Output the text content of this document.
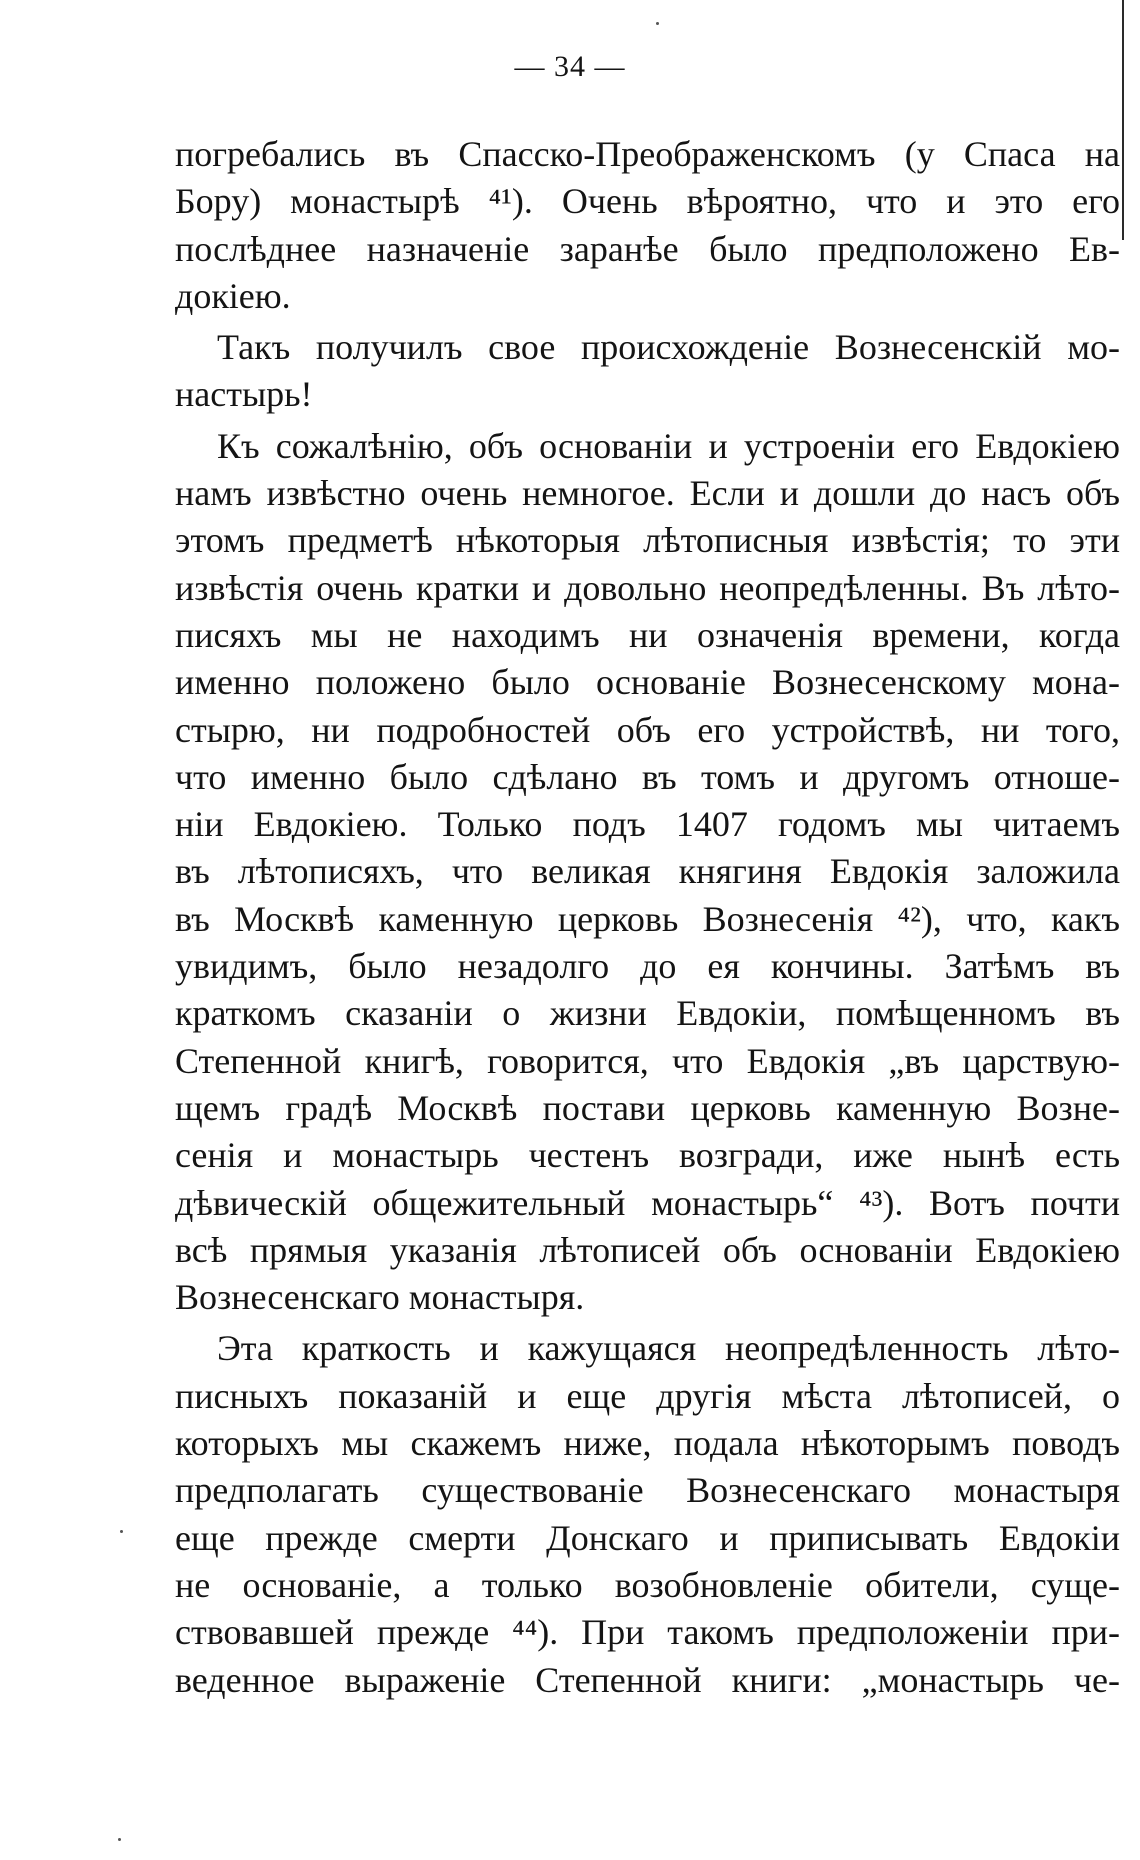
— 34 —
погребались въ Спасско-Преображенскомъ (у Спаса на
Бору) монастырѣ ⁴¹). Очень вѣроятно, что и это его
послѣднее назначеніе заранѣе было предположено Ев-
докіею.
Такъ получилъ свое происхожденіе Вознесенскій мо-
настырь!
Къ сожалѣнію, объ основаніи и устроеніи его Евдокіею
намъ извѣстно очень немногое. Если и дошли до насъ объ
этомъ предметѣ нѣкоторыя лѣтописныя извѣстія; то эти
извѣстія очень кратки и довольно неопредѣленны. Въ лѣто-
писяхъ мы не находимъ ни означенія времени, когда
именно положено было основаніе Вознесенскому мона-
стырю, ни подробностей объ его устройствѣ, ни того,
что именно было сдѣлано въ томъ и другомъ отноше-
ніи Евдокіею. Только подъ 1407 годомъ мы читаемъ
въ лѣтописяхъ, что великая княгиня Евдокія заложила
въ Москвѣ каменную церковь Вознесенія ⁴²), что, какъ
увидимъ, было незадолго до ея кончины. Затѣмъ въ
краткомъ сказаніи о жизни Евдокіи, помѣщенномъ въ
Степенной книгѣ, говорится, что Евдокія „въ царствую-
щемъ градѣ Москвѣ постави церковь каменную Возне-
сенія и монастырь честенъ возгради, иже нынѣ есть
дѣвическій общежительный монастырь“ ⁴³). Вотъ почти
всѣ прямыя указанія лѣтописей объ основаніи Евдокіею
Вознесенскаго монастыря.
Эта краткость и кажущаяся неопредѣленность лѣто-
писныхъ показаній и еще другія мѣста лѣтописей, о
которыхъ мы скажемъ ниже, подала нѣкоторымъ поводъ
предполагать существованіе Вознесенскаго монастыря
еще прежде смерти Донскаго и приписывать Евдокіи
не основаніе, а только возобновленіе обители, суще-
ствовавшей прежде ⁴⁴). При такомъ предположеніи при-
веденное выраженіе Степенной книги: „монастырь че-
